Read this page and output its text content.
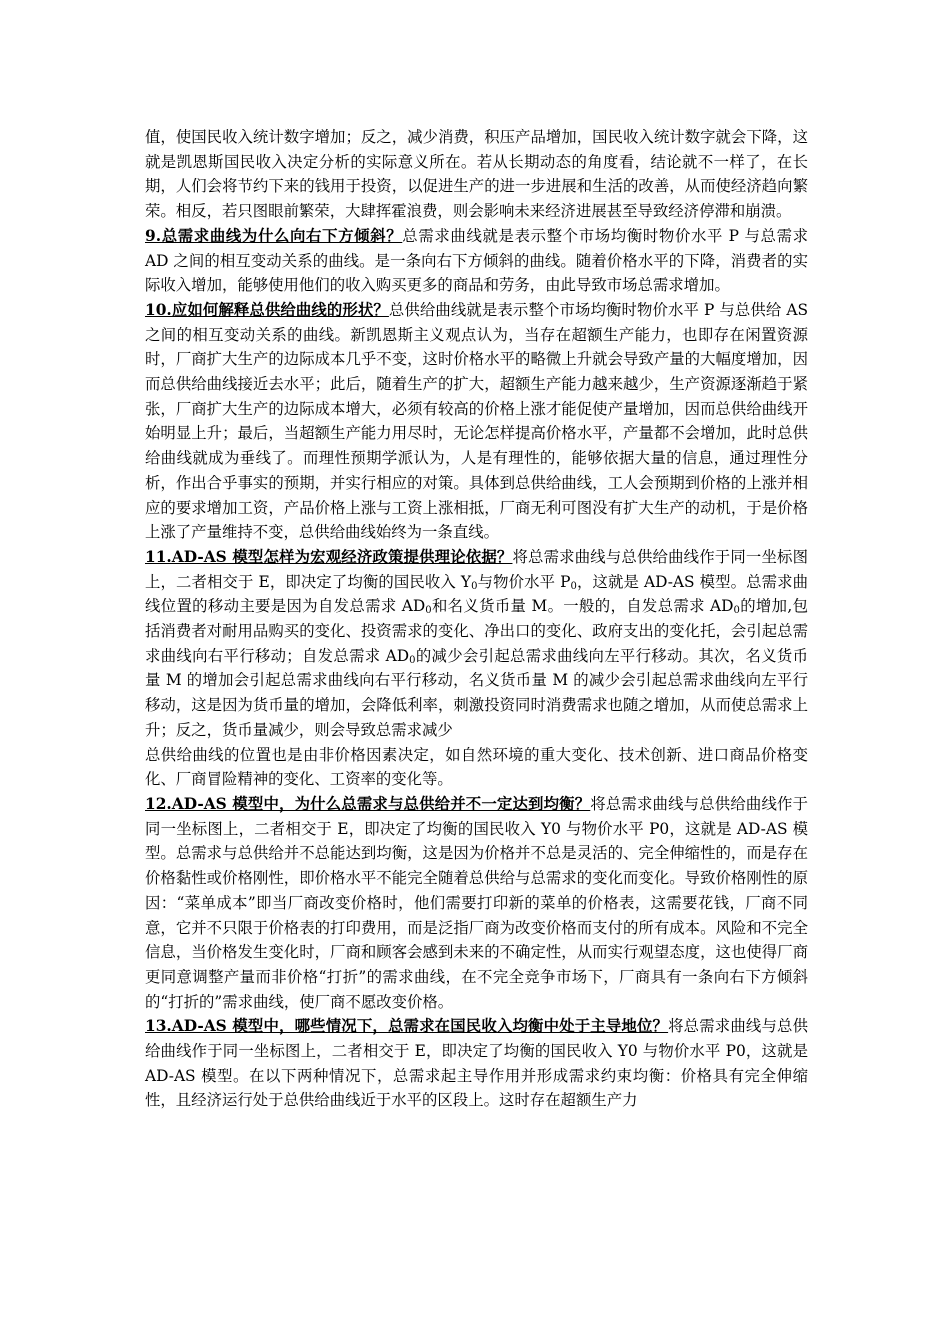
值，使国民收入统计数字增加；反之，减少消费，积压产品增加，国民收入统计数字就会下降，这就是凯恩斯国民收入决定分析的实际意义所在。若从长期动态的角度看，结论就不一样了，在长期，人们会将节约下来的钱用于投资，以促进生产的进一步进展和生活的改善，从而使经济趋向繁荣。相反，若只图眼前繁荣，大肆挥霍浪费，则会影响未来经济进展甚至导致经济停滞和崩溃。

9.总需求曲线为什么向右下方倾斜？总需求曲线就是表示整个市场均衡时物价水平 P 与总需求 AD 之间的相互变动关系的曲线。是一条向右下方倾斜的曲线。随着价格水平的下降，消费者的实际收入增加，能够使用他们的收入购买更多的商品和劳务，由此导致市场总需求增加。

10.应如何解释总供给曲线的形状？总供给曲线就是表示整个市场均衡时物价水平 P 与总供给 AS 之间的相互变动关系的曲线。新凯恩斯主义观点认为，当存在超额生产能力，也即存在闲置资源时，厂商扩大生产的边际成本几乎不变，这时价格水平的略微上升就会导致产量的大幅度增加，因而总供给曲线接近去水平；此后，随着生产的扩大，超额生产能力越来越少，生产资源逐渐趋于紧张，厂商扩大生产的边际成本增大，必须有较高的价格上涨才能促使产量增加，因而总供给曲线开始明显上升；最后，当超额生产能力用尽时，无论怎样提高价格水平，产量都不会增加，此时总供给曲线就成为垂线了。而理性预期学派认为，人是有理性的，能够依据大量的信息，通过理性分析，作出合乎事实的预期，并实行相应的对策。具体到总供给曲线，工人会预期到价格的上涨并相应的要求增加工资，产品价格上涨与工资上涨相抵，厂商无利可图没有扩大生产的动机，于是价格上涨了产量维持不变，总供给曲线始终为一条直线。

11.AD-AS 模型怎样为宏观经济政策提供理论依据？将总需求曲线与总供给曲线作于同一坐标图上，二者相交于 E，即决定了均衡的国民收入 $Y_0$与物价水平 $P_0$，这就是 AD-AS 模型。总需求曲线位置的移动主要是因为自发总需求 $AD_0$和名义货币量 M。一般的，自发总需求 $AD_0$的增加,包括消费者对耐用品购买的变化、投资需求的变化、净出口的变化、政府支出的变化托，会引起总需求曲线向右平行移动；自发总需求 $AD_0$的减少会引起总需求曲线向左平行移动。其次，名义货币量 M 的增加会引起总需求曲线向右平行移动，名义货币量 M 的减少会引起总需求曲线向左平行移动，这是因为货币量的增加，会降低利率，刺激投资同时消费需求也随之增加，从而使总需求上升；反之，货币量减少，则会导致总需求减少

总供给曲线的位置也是由非价格因素决定，如自然环境的重大变化、技术创新、进口商品价格变化、厂商冒险精神的变化、工资率的变化等。

12.AD-AS 模型中，为什么总需求与总供给并不一定达到均衡？将总需求曲线与总供给曲线作于同一坐标图上，二者相交于 E，即决定了均衡的国民收入 Y0 与物价水平 P0，这就是 AD-AS 模型。总需求与总供给并不总能达到均衡，这是因为价格并不总是灵活的、完全伸缩性的，而是存在价格黏性或价格刚性，即价格水平不能完全随着总供给与总需求的变化而变化。导致价格刚性的原因：“菜单成本”即当厂商改变价格时，他们需要打印新的菜单的价格表，这需要花钱，厂商不同意，它并不只限于价格表的打印费用，而是泛指厂商为改变价格而支付的所有成本。风险和不完全信息，当价格发生变化时，厂商和顾客会感到未来的不确定性，从而实行观望态度，这也使得厂商更同意调整产量而非价格“打折”的需求曲线，在不完全竞争市场下，厂商具有一条向右下方倾斜的“打折的”需求曲线，使厂商不愿改变价格。

13.AD-AS 模型中，哪些情况下，总需求在国民收入均衡中处于主导地位？将总需求曲线与总供给曲线作于同一坐标图上，二者相交于 E，即决定了均衡的国民收入 Y0 与物价水平 P0，这就是 AD-AS 模型。在以下两种情况下，总需求起主导作用并形成需求约束均衡：价格具有完全伸缩性，且经济运行处于总供给曲线近于水平的区段上。这时存在超额生产力
